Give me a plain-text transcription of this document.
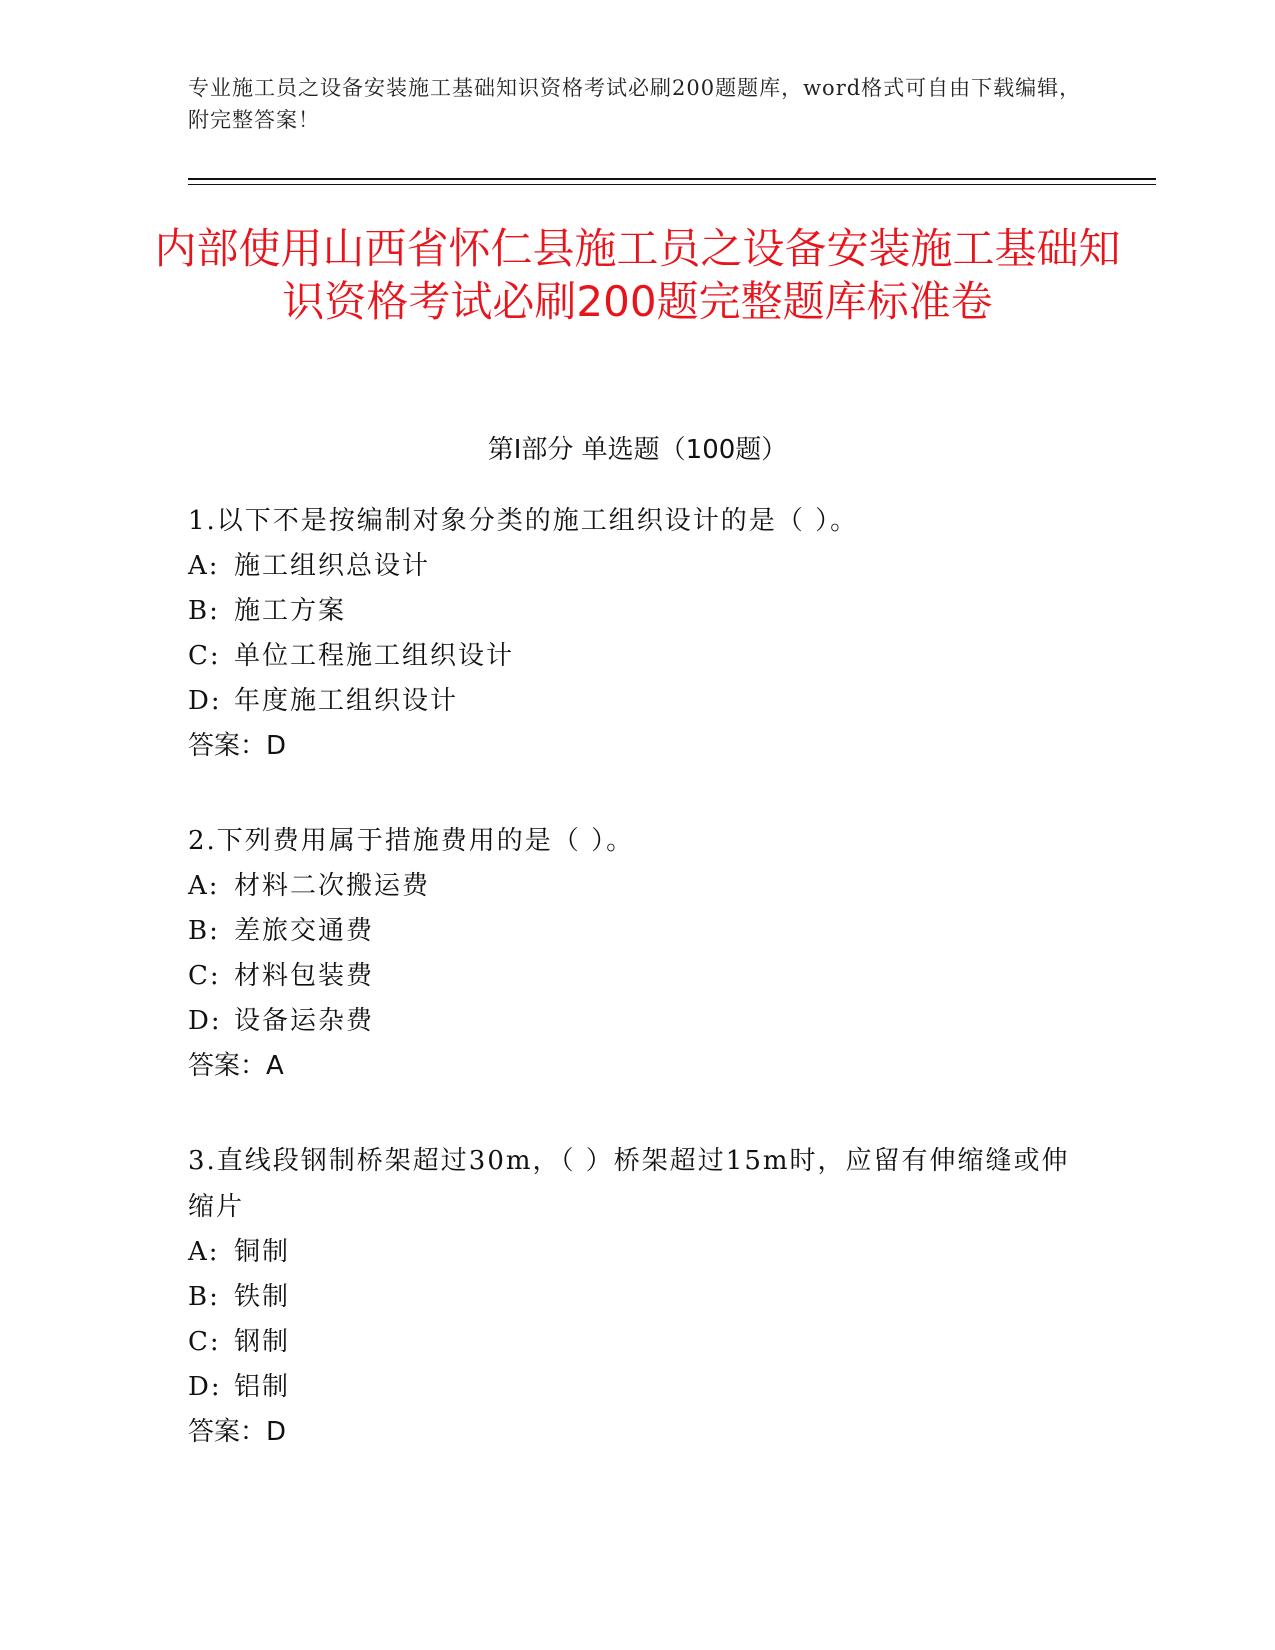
专业施工员之设备安装施工基础知识资格考试必刷200题题库，word格式可自由下载编辑，附完整答案！
内部使用山西省怀仁县施工员之设备安装施工基础知识资格考试必刷200题完整题库标准卷
第Ⅰ部分 单选题（100题）
1.以下不是按编制对象分类的施工组织设计的是（ ）。
A: 施工组织总设计
B: 施工方案
C: 单位工程施工组织设计
D: 年度施工组织设计
答案：D
2.下列费用属于措施费用的是（ ）。
A: 材料二次搬运费
B: 差旅交通费
C: 材料包装费
D: 设备运杂费
答案：A
3.直线段钢制桥架超过30m，（ ）桥架超过15m时，应留有伸缩缝或伸缩片
A: 铜制
B: 铁制
C: 钢制
D: 铝制
答案：D
